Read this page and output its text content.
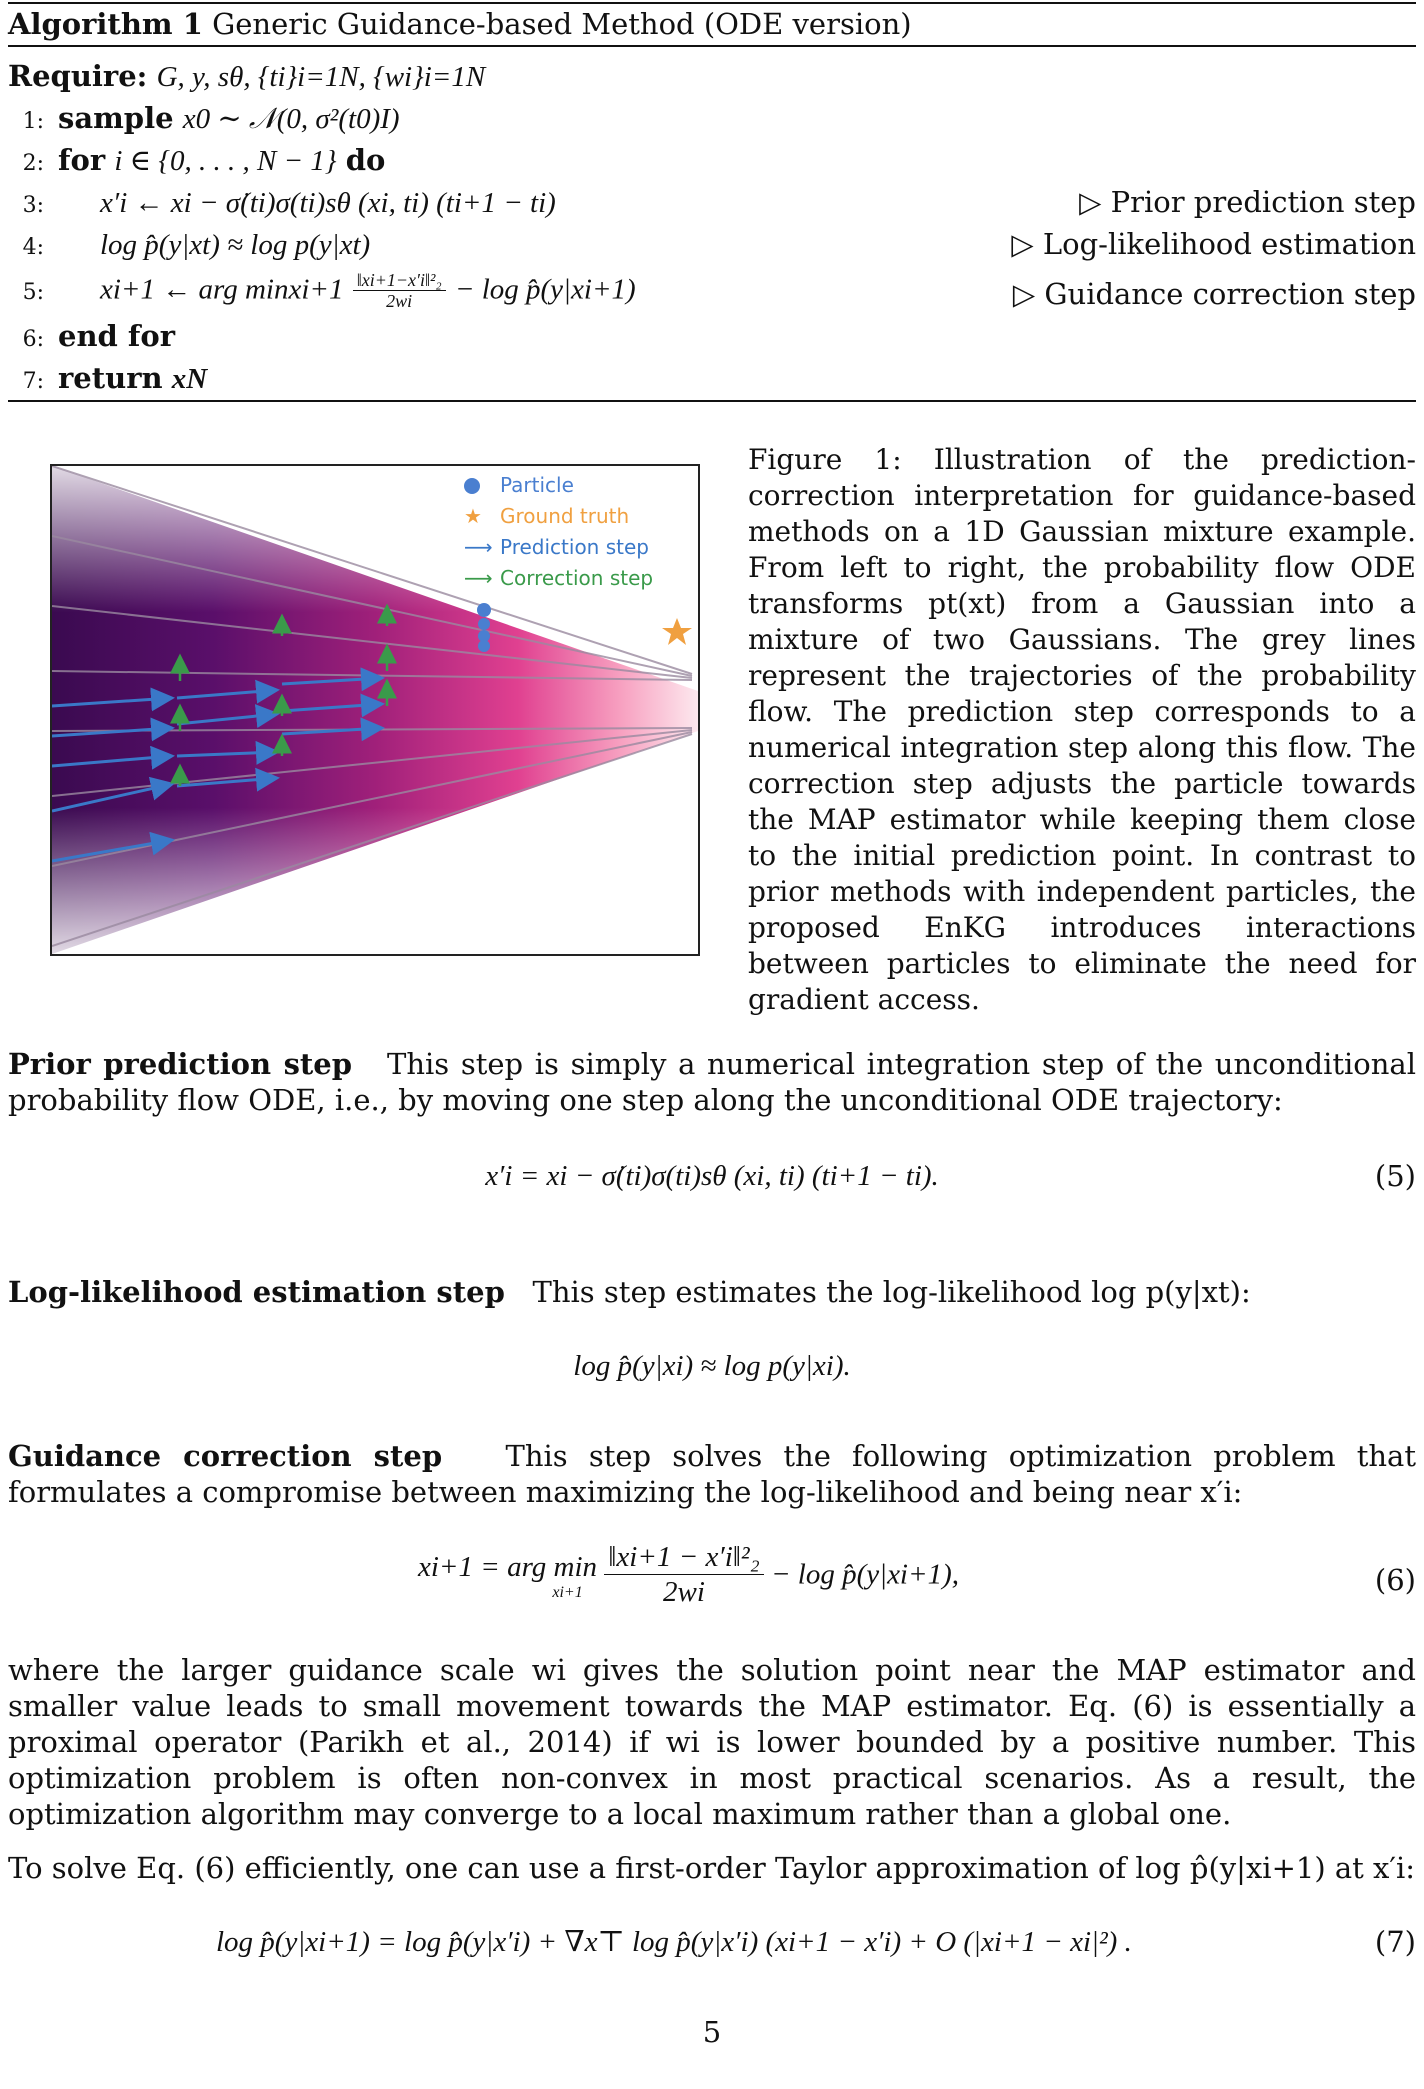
Algorithm 1 Generic Guidance-based Method (ODE version)
Require: G, y, sθ, {ti}i=1N, {wi}i=1N
1: sample x0 ∼ 𝒩(0, σ²(t0)I)
2: for i ∈ {0, . . . , N − 1} do
3: x′i ← xi − σ̇(ti)σ(ti)sθ (xi, ti) (ti+1 − ti)	▷ Prior prediction step
4: log p̂(y|xt) ≈ log p(y|xt)	▷ Log-likelihood estimation
5: xi+1 ← arg minxi+1 $\frac{\text{‖xi+1−x′i‖²₂}}{2wi} - \log$ p̂(y|xi+1)	▷ Guidance correction step
6: end for
7: return xN
Particle
★ Ground truth
⟶ Prediction step
⟶ Correction step
Figure 1: Illustration of the prediction-correction interpretation for guidance-based methods on a 1D Gaussian mixture example. From left to right, the probability flow ODE transforms pt(xt) from a Gaussian into a mixture of two Gaussians. The grey lines represent the trajectories of the probability flow. The prediction step corresponds to a numerical integration step along this flow. The correction step adjusts the particle towards the MAP estimator while keeping them close to the initial prediction point. In contrast to prior methods with independent particles, the proposed EnKG introduces interactions between particles to eliminate the need for gradient access.
Prior prediction step This step is simply a numerical integration step of the unconditional probability flow ODE, i.e., by moving one step along the unconditional ODE trajectory:
x′i = xi − σ̇(ti)σ(ti)sθ (xi, ti) (ti+1 − ti).	(5)
Log-likelihood estimation step This step estimates the log-likelihood log p(y|xt):
log p̂(y|xi) ≈ log p(y|xi).
Guidance correction step This step solves the following optimization problem that formulates a compromise between maximizing the log-likelihood and being near x′i:
xi+1 = arg min

xi+1
$\frac{\text{‖xi+1 − x′i‖²₂}}{2wi} - \log$ p̂(y|xi+1),	(6)
where the larger guidance scale wi gives the solution point near the MAP estimator and smaller value leads to small movement towards the MAP estimator. Eq. (6) is essentially a proximal operator (Parikh et al., 2014) if wi is lower bounded by a positive number. This optimization problem is often non-convex in most practical scenarios. As a result, the optimization algorithm may converge to a local maximum rather than a global one.
To solve Eq. (6) efficiently, one can use a first-order Taylor approximation of log p̂(y|xi+1) at x′i:
log p̂(y|xi+1) = log p̂(y|x′i) + ∇x⊤ log p̂(y|x′i) (xi+1 − x′i) + O (|xi+1 − xi|²) .	(7)
5
